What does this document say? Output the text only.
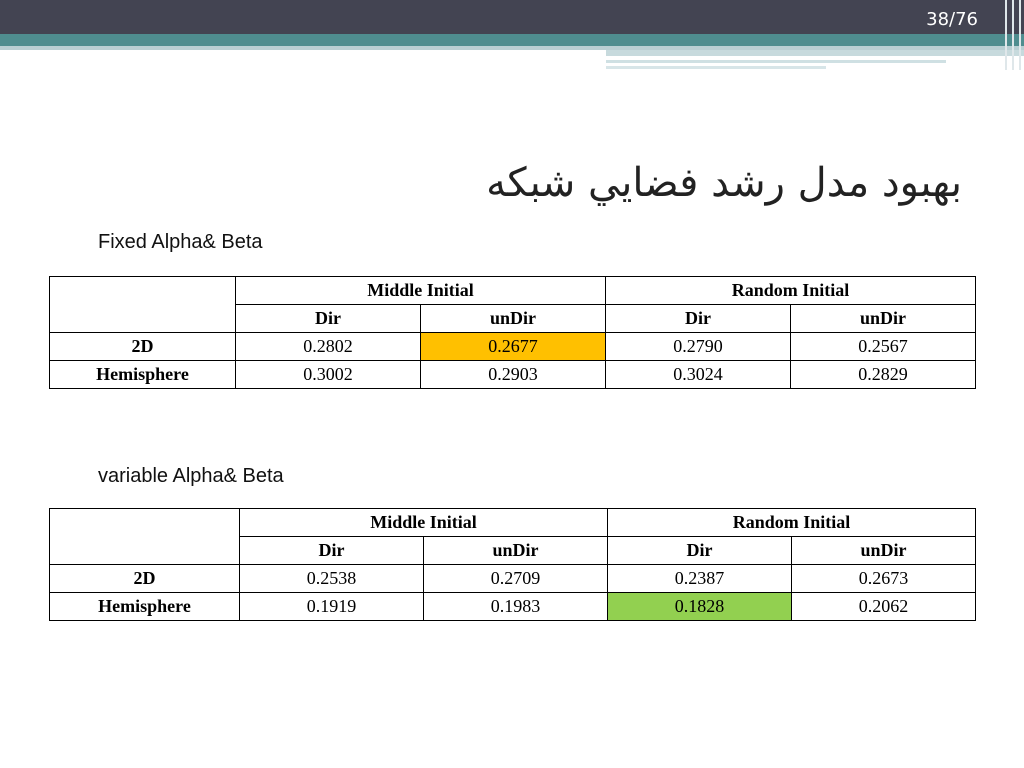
38/76
بهبود مدل رشد فضايي شبکه
Fixed Alpha& Beta
	Middle Initial		Random Initial	
	Dir	unDir	Dir	unDir
2D	0.2802	0.2677	0.2790	0.2567
Hemisphere	0.3002	0.2903	0.3024	0.2829
variable Alpha& Beta
	Middle Initial		Random Initial	
	Dir	unDir	Dir	unDir
2D	0.2538	0.2709	0.2387	0.2673
Hemisphere	0.1919	0.1983	0.1828	0.2062
